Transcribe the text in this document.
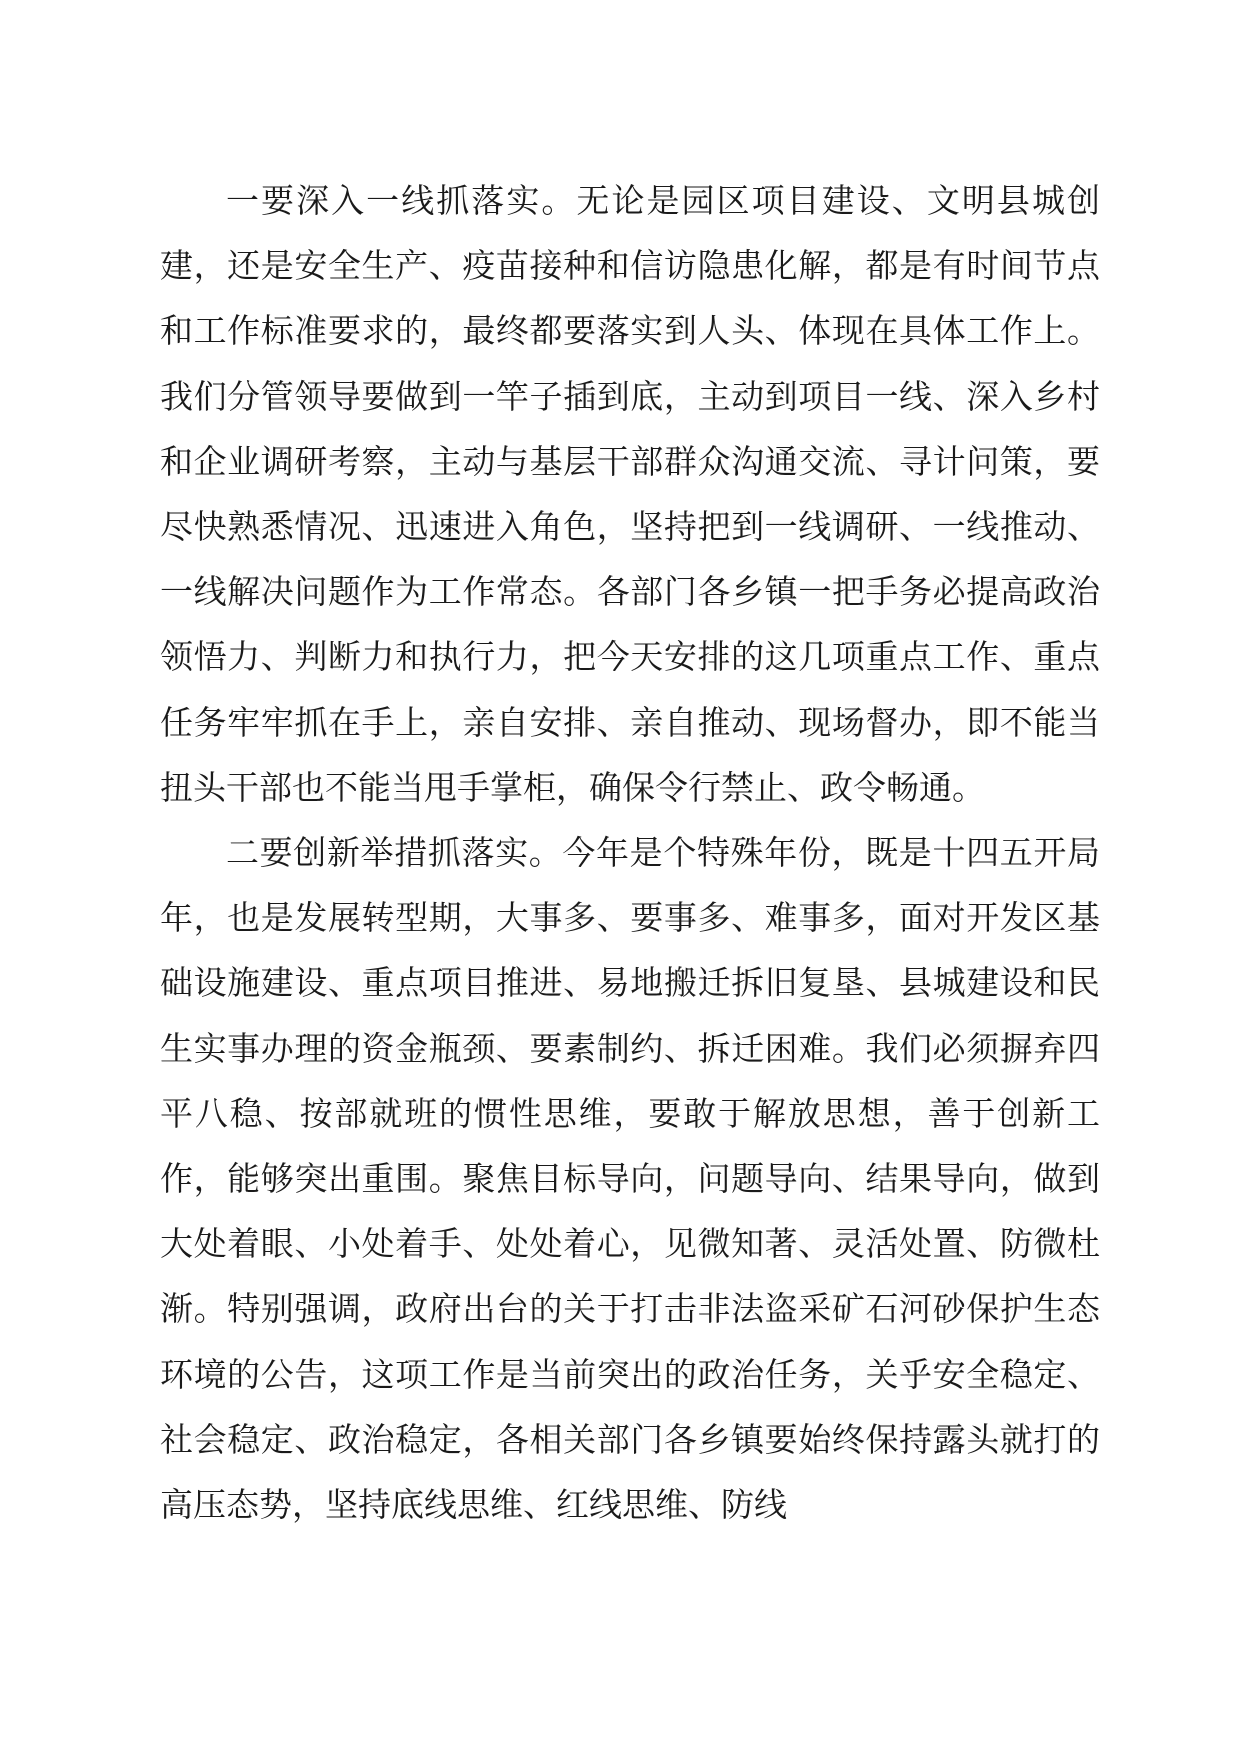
一要深入一线抓落实。无论是园区项目建设、文明县城创建，还是安全生产、疫苗接种和信访隐患化解，都是有时间节点和工作标准要求的，最终都要落实到人头、体现在具体工作上。我们分管领导要做到一竿子插到底，主动到项目一线、深入乡村和企业调研考察，主动与基层干部群众沟通交流、寻计问策，要尽快熟悉情况、迅速进入角色，坚持把到一线调研、一线推动、一线解决问题作为工作常态。各部门各乡镇一把手务必提高政治领悟力、判断力和执行力，把今天安排的这几项重点工作、重点任务牢牢抓在手上，亲自安排、亲自推动、现场督办，即不能当扭头干部也不能当甩手掌柜，确保令行禁止、政令畅通。

二要创新举措抓落实。今年是个特殊年份，既是十四五开局年，也是发展转型期，大事多、要事多、难事多，面对开发区基础设施建设、重点项目推进、易地搬迁拆旧复垦、县城建设和民生实事办理的资金瓶颈、要素制约、拆迁困难。我们必须摒弃四平八稳、按部就班的惯性思维，要敢于解放思想，善于创新工作，能够突出重围。聚焦目标导向，问题导向、结果导向，做到大处着眼、小处着手、处处着心，见微知著、灵活处置、防微杜渐。特别强调，政府出台的关于打击非法盗采矿石河砂保护生态环境的公告，这项工作是当前突出的政治任务，关乎安全稳定、社会稳定、政治稳定，各相关部门各乡镇要始终保持露头就打的高压态势，坚持底线思维、红线思维、防线
